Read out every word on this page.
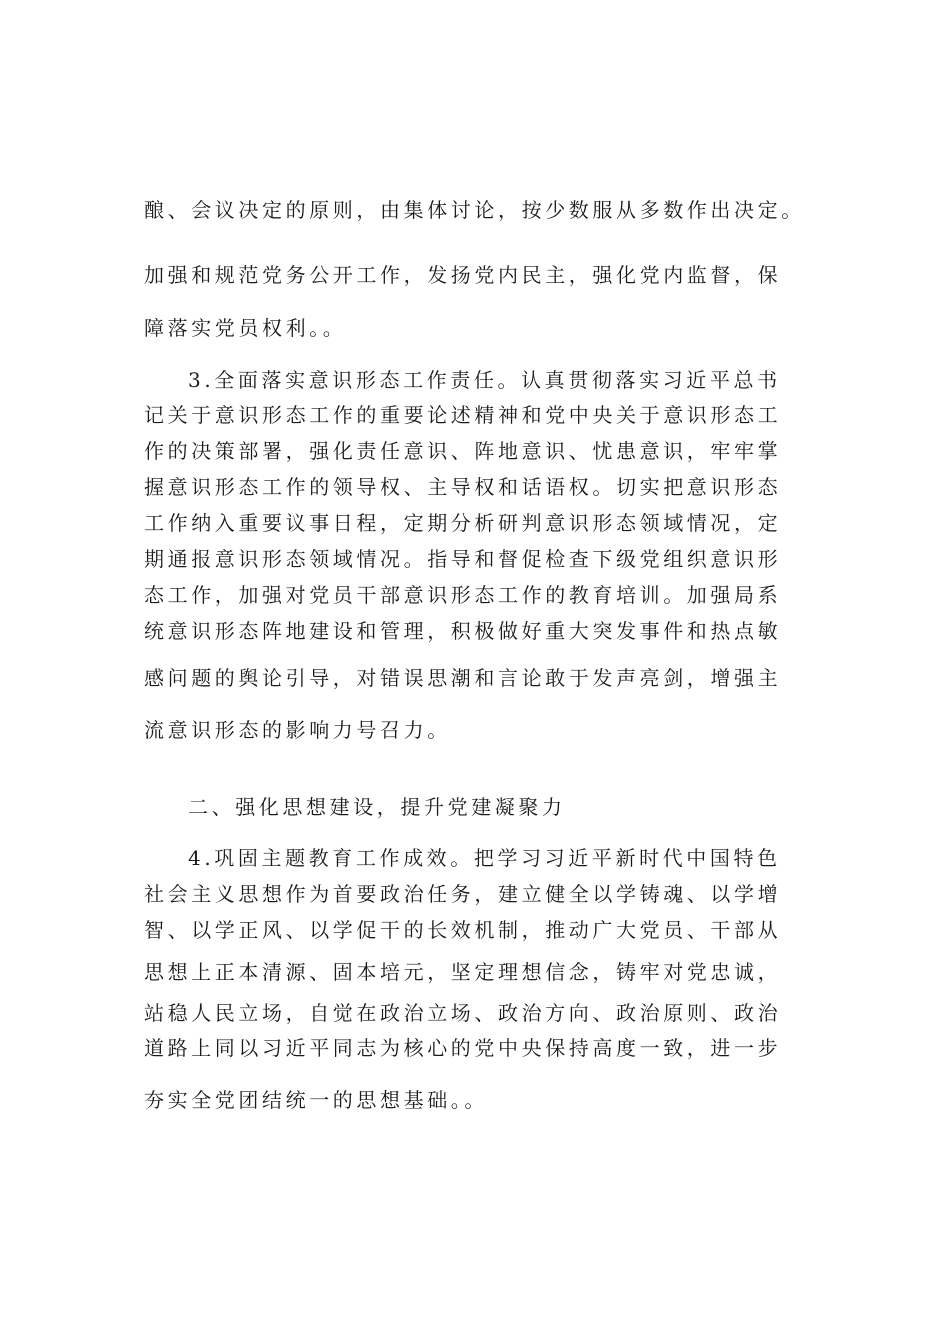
酿、会议决定的原则，由集体讨论，按少数服从多数作出决定。
加强和规范党务公开工作，发扬党内民主，强化党内监督，保
障落实党员权利。。
3.全面落实意识形态工作责任。认真贯彻落实习近平总书
记关于意识形态工作的重要论述精神和党中央关于意识形态工
作的决策部署，强化责任意识、阵地意识、忧患意识，牢牢掌
握意识形态工作的领导权、主导权和话语权。切实把意识形态
工作纳入重要议事日程，定期分析研判意识形态领域情况，定
期通报意识形态领域情况。指导和督促检查下级党组织意识形
态工作，加强对党员干部意识形态工作的教育培训。加强局系
统意识形态阵地建设和管理，积极做好重大突发事件和热点敏
感问题的舆论引导，对错误思潮和言论敢于发声亮剑，增强主
流意识形态的影响力号召力。
二、强化思想建设，提升党建凝聚力
4.巩固主题教育工作成效。把学习习近平新时代中国特色
社会主义思想作为首要政治任务，建立健全以学铸魂、以学增
智、以学正风、以学促干的长效机制，推动广大党员、干部从
思想上正本清源、固本培元，坚定理想信念，铸牢对党忠诚，
站稳人民立场，自觉在政治立场、政治方向、政治原则、政治
道路上同以习近平同志为核心的党中央保持高度一致，进一步
夯实全党团结统一的思想基础。。
